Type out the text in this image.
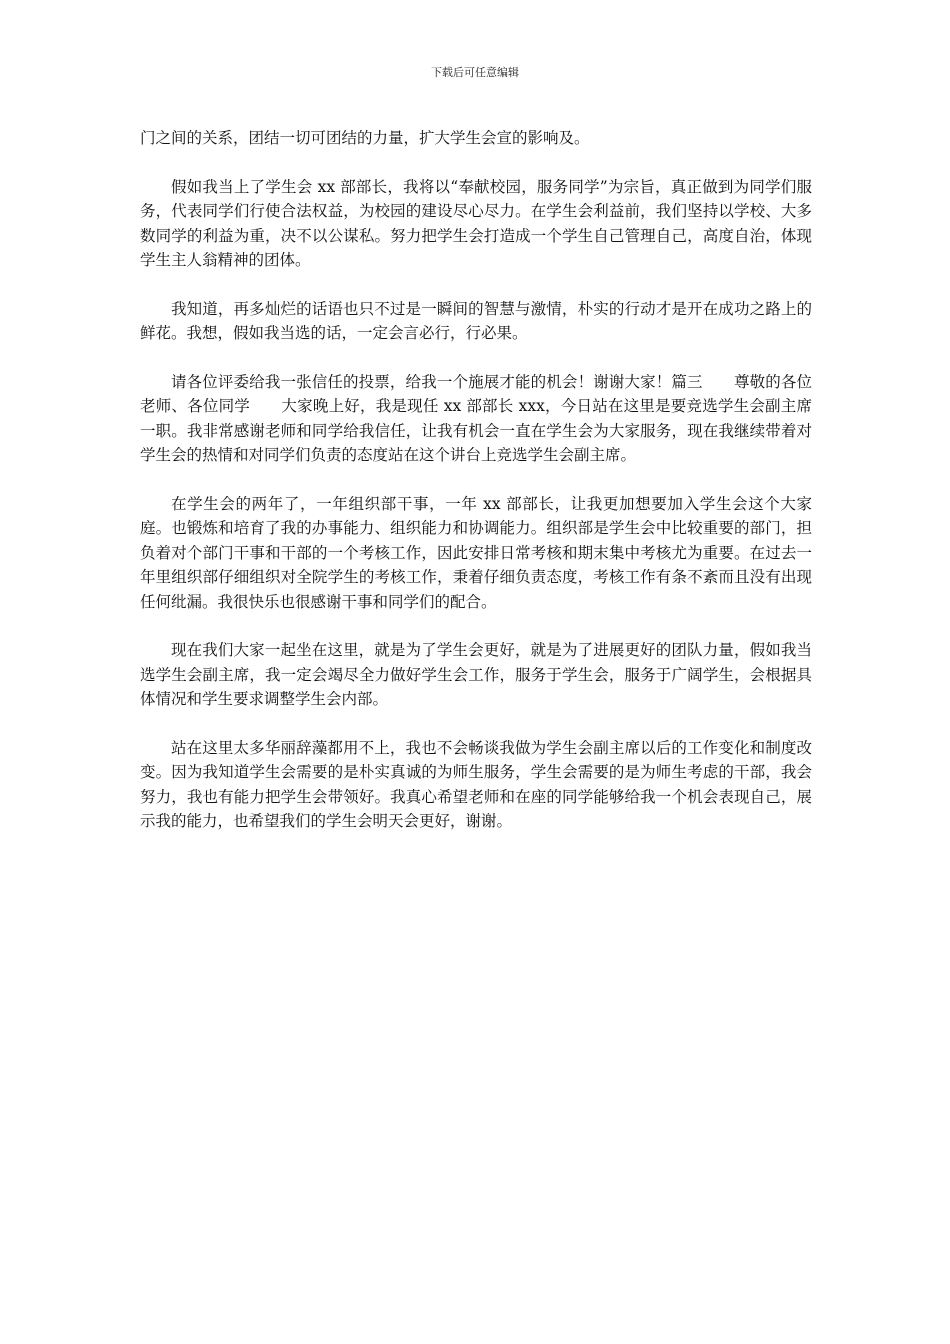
下载后可任意编辑

门之间的关系，团结一切可团结的力量，扩大学生会宣的影响及。

假如我当上了学生会 xx 部部长，我将以“奉献校园，服务同学”为宗旨，真正做到为同学们服务，代表同学们行使合法权益，为校园的建设尽心尽力。在学生会利益前，我们坚持以学校、大多数同学的利益为重，决不以公谋私。努力把学生会打造成一个学生自己管理自己，高度自治，体现学生主人翁精神的团体。

我知道，再多灿烂的话语也只不过是一瞬间的智慧与激情，朴实的行动才是开在成功之路上的鲜花。我想，假如我当选的话，一定会言必行，行必果。

请各位评委给我一张信任的投票，给我一个施展才能的机会！谢谢大家！篇三　　尊敬的各位老师、各位同学　　大家晚上好，我是现任 xx 部部长 xxx，今日站在这里是要竞选学生会副主席一职。我非常感谢老师和同学给我信任，让我有机会一直在学生会为大家服务，现在我继续带着对学生会的热情和对同学们负责的态度站在这个讲台上竞选学生会副主席。

在学生会的两年了，一年组织部干事，一年 xx 部部长，让我更加想要加入学生会这个大家庭。也锻炼和培育了我的办事能力、组织能力和协调能力。组织部是学生会中比较重要的部门，担负着对个部门干事和干部的一个考核工作，因此安排日常考核和期末集中考核尤为重要。在过去一年里组织部仔细组织对全院学生的考核工作，秉着仔细负责态度，考核工作有条不紊而且没有出现任何纰漏。我很快乐也很感谢干事和同学们的配合。

现在我们大家一起坐在这里，就是为了学生会更好，就是为了进展更好的团队力量，假如我当选学生会副主席，我一定会竭尽全力做好学生会工作，服务于学生会，服务于广阔学生，会根据具体情况和学生要求调整学生会内部。

站在这里太多华丽辞藻都用不上，我也不会畅谈我做为学生会副主席以后的工作变化和制度改变。因为我知道学生会需要的是朴实真诚的为师生服务，学生会需要的是为师生考虑的干部，我会努力，我也有能力把学生会带领好。我真心希望老师和在座的同学能够给我一个机会表现自己，展示我的能力，也希望我们的学生会明天会更好，谢谢。
